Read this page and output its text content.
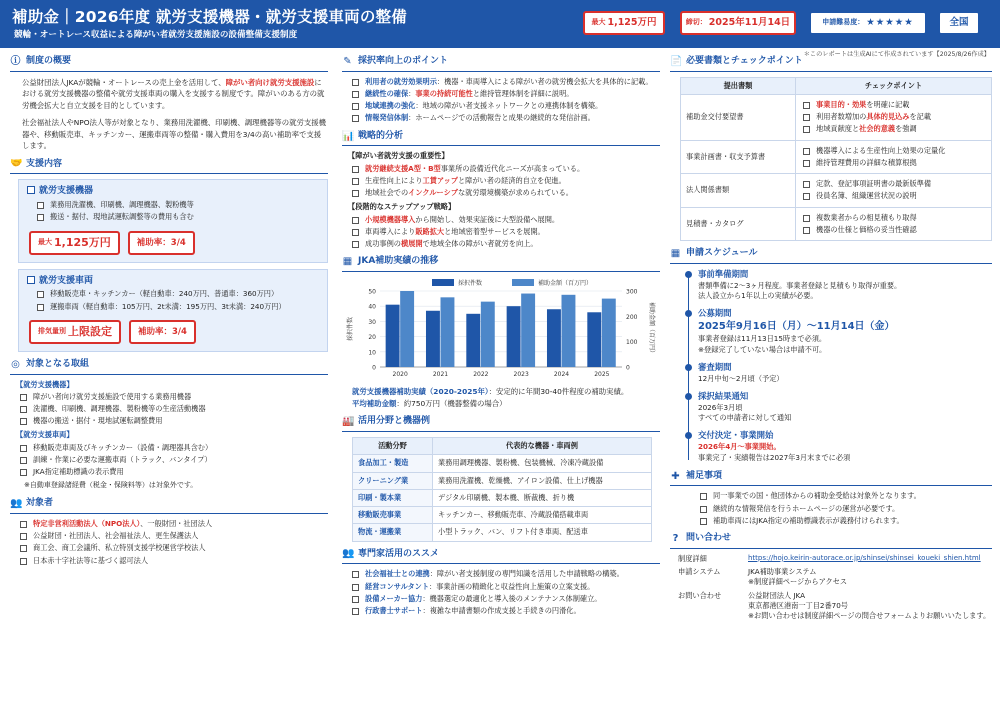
補助金｜2026年度 就労支援機器・就労支援車両の整備
競輪・オートレース収益による障がい者就労支援施設の設備整備支援制度
最大 1,125万円	締切： 2025年11月14日	申請難易度： ★★★★★	全国
＊このレポートは生成AIにて作成されています【2025/8/26作成】
ⓘ 制度の概要
公益財団法人JKAが競輪・オートレースの売上金を活用して、障がい者向け就労支援施設における就労支援機器の整備や就労支援車両の購入を支援する制度です。障がいのある方の就労機会拡大と自立支援を目的としています。
社会福祉法人やNPO法人等が対象となり、業務用洗濯機、印刷機、調理機器等の就労支援機器や、移動販売車、キッチンカー、運搬車両等の整備・購入費用を3/4の高い補助率で支援します。
🤝 支援内容
就労支援機器
業務用洗濯機、印刷機、調理機器、製粉機等
搬送・据付、現地試運転調整等の費用も含む
最大 1,125万円	補助率：3/4
就労支援車両
移動販売車・キッチンカー（軽自動車：240万円、普通車：360万円）
運搬車両（軽自動車：105万円、2t未満：195万円、3t未満：240万円）
排気量別 上限設定	補助率：3/4
◎ 対象となる取組
【就労支援機器】
障がい者向け就労支援施設で使用する業務用機器
洗濯機、印刷機、調理機器、製粉機等の生産活動機器
機器の搬送・据付・現地試運転調整費用
【就労支援車両】
移動販売車両及びキッチンカー（設備・調理器具含む）
訓練・作業に必要な運搬車両（トラック、バンタイプ）
JKA指定補助標識の表示費用
※自動車登録諸経費（税金・保険料等）は対象外です。
👥 対象者
特定非営利活動法人（NPO法人）、一般財団・社団法人
公益財団・社団法人、社会福祉法人、更生保護法人
商工会、商工会議所、私立特別支援学校運営学校法人
日本赤十字社法等に基づく認可法人
✎ 採択率向上のポイント
利用者の就労効果明示：機器・車両導入による障がい者の就労機会拡大を具体的に記載。
継続性の確保：事業の持続可能性と維持管理体制を詳細に説明。
地域連携の強化：地域の障がい者支援ネットワークとの連携体制を構築。
情報発信体制：ホームページでの活動報告と成果の継続的な発信計画。
📊 戦略的分析
【障がい者就労支援の重要性】
就労継続支援A型・B型事業所の設備近代化ニーズが高まっている。
生産性向上により工賃アップと障がい者の経済的自立を促進。
地域社会でのインクルーシブな就労環境構築が求められている。
【段階的なステップアップ戦略】
小規模機器導入から開始し、効果実証後に大型設備へ展開。
車両導入により販路拡大と地域密着型サービスを展開。
成功事例の横展開で地域全体の障がい者就労を向上。
▦ JKA補助実績の推移
0
10
20
30
40
50
0
100
200
300
2020	2021	2022	2023	2024	2025
採択件数	補助金額（百万円）
採択件数	補助金額（百万円）
就労支援機器補助実績（2020-2025年）：安定的に年間30-40件程度の補助実績。
平均補助金額：約750万円（機器整備の場合）
🏭 活用分野と機器例
活動分野	代表的な機器・車両例
食品加工・製造	業務用調理機器、製粉機、包装機械、冷凍冷蔵設備
クリーニング業	業務用洗濯機、乾燥機、アイロン設備、仕上げ機器
印刷・製本業	デジタル印刷機、製本機、断裁機、折り機
移動販売事業	キッチンカー、移動販売車、冷蔵設備搭載車両
物流・運搬業	小型トラック、バン、リフト付き車両、配送車
👥 専門家活用のススメ
社会福祉士との連携：障がい者支援制度の専門知識を活用した申請戦略の構築。
経営コンサルタント：事業計画の精緻化と収益性向上施策の立案支援。
設備メーカー協力：機器選定の最適化と導入後のメンテナンス体制確立。
行政書士サポート：複雑な申請書類の作成支援と手続きの円滑化。
📄 必要書類とチェックポイント
提出書類	チェックポイント
補助金交付要望書	事業目的・効果を明確に記載
利用者数増加の具体的見込みを記載
地域貢献度と社会的意義を強調

事業計画書・収支予算書	機器導入による生産性向上効果の定量化
維持管理費用の詳細な積算根拠

法人関係書類	定款、登記事項証明書の最新版準備
役員名簿、組織運営状況の説明

見積書・カタログ	複数業者からの相見積もり取得
機器の仕様と価格の妥当性確認
▦ 申請スケジュール
事前準備期間
書類準備に2〜3ヶ月程度。事業者登録と見積もり取得が重要。
法人設立から1年以上の実績が必要。
公募期間
2025年9月16日（月）〜11月14日（金）
事業者登録は11月13日15時まで必須。
※登録完了していない場合は申請不可。
審査期間
12月中旬〜2月頃（予定）
採択結果通知
2026年3月頃
すべての申請者に対して通知
交付決定・事業開始
2026年4月〜事業開始。
事業完了・実績報告は2027年3月末までに必須
✚ 補足事項
同一事業での国・他団体からの補助金受給は対象外となります。
継続的な情報発信を行うホームページの運営が必要です。
補助車両にはJKA指定の補助標識表示が義務付けられます。
? 問い合わせ
制度詳細	https://hojo.keirin-autorace.or.jp/shinsei/shinsei_koueki_shien.html
申請システム	JKA補助事業システム
※制度詳細ページからアクセス
お問い合わせ	公益財団法人 JKA
東京都港区港南一丁目2番70号
※お問い合わせは制度詳細ページの問合せフォームよりお願いいたします。
